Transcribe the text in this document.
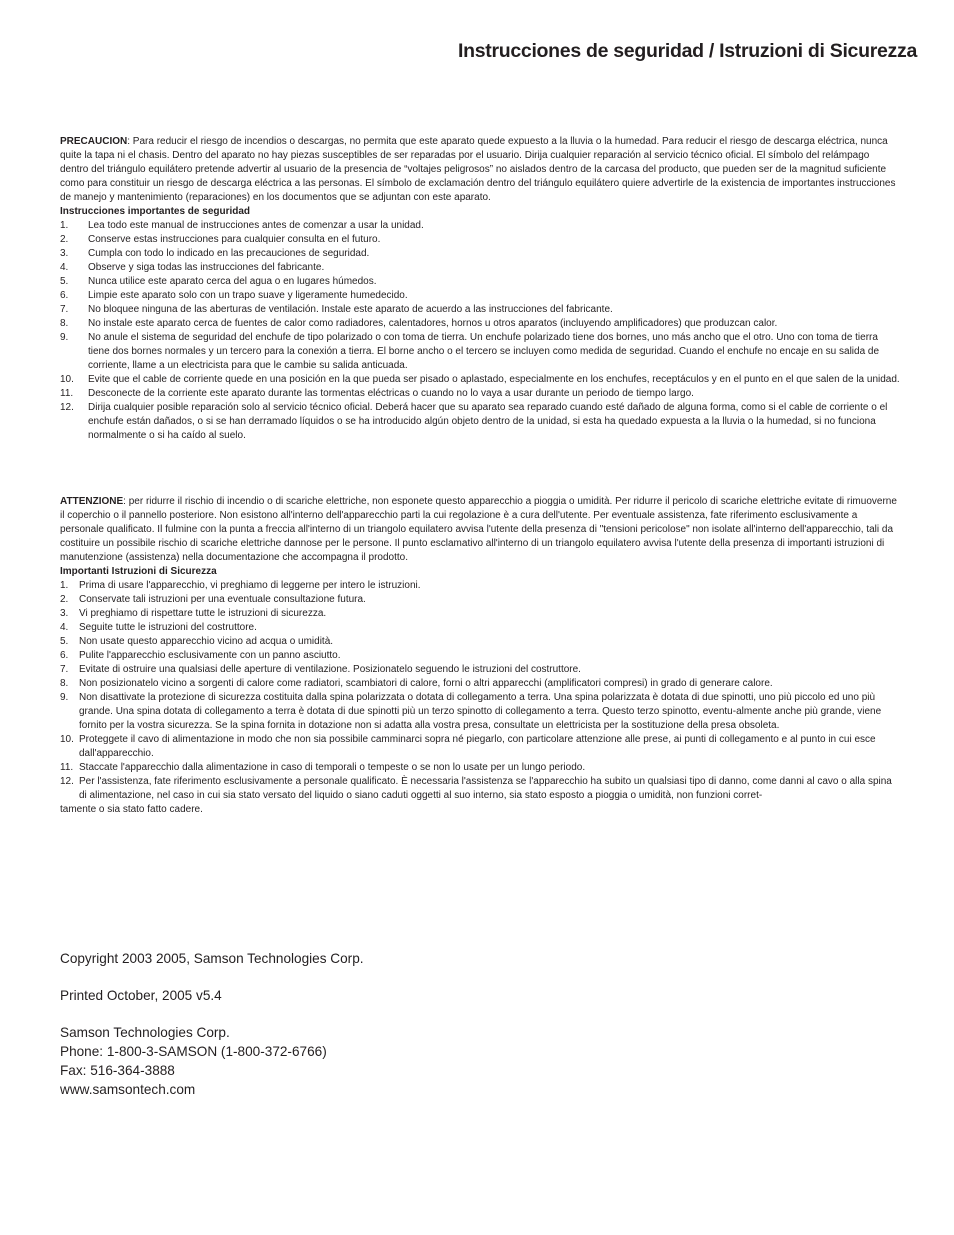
Instrucciones de seguridad / Istruzioni di Sicurezza

PRECAUCION: Para reducir el riesgo de incendios o descargas, no permita que este aparato quede expuesto a la lluvia o la humedad. Para reducir el riesgo de descarga eléctrica, nunca quite la tapa ni el chasis. Dentro del aparato no hay piezas susceptibles de ser reparadas por el usuario. Dirija cualquier reparación al servicio técnico oficial. El símbolo del relámpago dentro del triángulo equilátero pretende advertir al usuario de la presencia de “voltajes peligrosos” no aislados dentro de la carcasa del producto, que pueden ser de la magnitud suficiente como para constituir un riesgo de descarga eléctrica a las personas. El símbolo de exclamación dentro del triángulo equilátero quiere advertirle de la existencia de importantes instrucciones de manejo y mantenimiento (reparaciones) en los documentos que se adjuntan con este aparato.

Instrucciones importantes de seguridad

1.	Lea todo este manual de instrucciones antes de comenzar a usar la unidad.
2.	Conserve estas instrucciones para cualquier consulta en el futuro.
3.	Cumpla con todo lo indicado en las precauciones de seguridad.
4.	Observe y siga todas las instrucciones del fabricante.
5.	Nunca utilice este aparato cerca del agua o en lugares húmedos.
6.	Limpie este aparato solo con un trapo suave y ligeramente humedecido.
7.	No bloquee ninguna de las aberturas de ventilación. Instale este aparato de acuerdo a las instrucciones del fabricante.
8.	No instale este aparato cerca de fuentes de calor como radiadores, calentadores, hornos u otros aparatos (incluyendo amplificadores) que produzcan calor.
9.	No anule el sistema de seguridad del enchufe de tipo polarizado o con toma de tierra. Un enchufe polarizado tiene dos bornes, uno más ancho que el otro. Uno con toma de tierra tiene dos bornes normales y un tercero para la conexión a tierra. El borne ancho o el tercero se incluyen como medida de seguridad. Cuando el enchufe no encaje en su salida de corriente, llame a un electricista para que le cambie su salida anticuada.
10.	Evite que el cable de corriente quede en una posición en la que pueda ser pisado o aplastado, especialmente en los enchufes, receptáculos y en el punto en el que salen de la unidad.
11.	Desconecte de la corriente este aparato durante las tormentas eléctricas o cuando no lo vaya a usar durante un periodo de tiempo largo.
12.	Dirija cualquier posible reparación solo al servicio técnico oficial. Deberá hacer que su aparato sea reparado cuando esté dañado de alguna forma, como si el cable de corriente o el enchufe están dañados, o si se han derramado líquidos o se ha introducido algún objeto dentro de la unidad, si esta ha quedado expuesta a la lluvia o la humedad, si no funciona normalmente o si ha caído al suelo.

ATTENZIONE: per ridurre il rischio di incendio o di scariche elettriche, non esponete questo apparecchio a pioggia o umidità. Per ridurre il pericolo di scariche elettriche evitate di rimuoverne il coperchio o il pannello posteriore. Non esistono all'interno dell'apparecchio parti la cui regolazione è a cura dell'utente. Per eventuale assistenza, fate riferimento esclusivamente a personale qualificato. Il fulmine con la punta a freccia all'interno di un triangolo equilatero avvisa l'utente della presenza di "tensioni pericolose" non isolate all'interno dell'apparecchio, tali da costituire un possibile rischio di scariche elettriche dannose per le persone. Il punto esclamativo all'interno di un triangolo equilatero avvisa l'utente della presenza di importanti istruzioni di manutenzione (assistenza) nella documentazione che accompagna il prodotto.

Importanti Istruzioni di Sicurezza

1.	Prima di usare l'apparecchio, vi preghiamo di leggerne per intero le istruzioni.
2.	Conservate tali istruzioni per una eventuale consultazione futura.
3.	Vi preghiamo di rispettare tutte le istruzioni di sicurezza.
4.	Seguite tutte le istruzioni del costruttore.
5.	Non usate questo apparecchio vicino ad acqua o umidità.
6.	Pulite l'apparecchio esclusivamente con un panno asciutto.
7.	Evitate di ostruire una qualsiasi delle aperture di ventilazione. Posizionatelo seguendo le istruzioni del costruttore.
8.	Non posizionatelo vicino a sorgenti di calore come radiatori, scambiatori di calore, forni o altri apparecchi (amplificatori compresi) in grado di generare calore.
9.	Non disattivate la protezione di sicurezza costituita dalla spina polarizzata o dotata di collegamento a terra. Una spina polarizzata è dotata di due spinotti, uno più piccolo ed uno più grande. Una spina dotata di collegamento a terra è dotata di due spinotti più un terzo spinotto di collegamento a terra. Questo terzo spinotto, eventu-almente anche più grande, viene fornito per la vostra sicurezza. Se la spina fornita in dotazione non si adatta alla vostra presa, consultate un elettricista per la sostituzione della presa obsoleta.
10. Proteggete il cavo di alimentazione in modo che non sia possibile camminarci sopra né piegarlo, con particolare attenzione alle prese, ai punti di collegamento e al punto in cui esce dall'apparecchio.
11. Staccate l'apparecchio dalla alimentazione in caso di temporali o tempeste o se non lo usate per un lungo periodo.
12. Per l'assistenza, fate riferimento esclusivamente a personale qualificato. È necessaria l'assistenza se l'apparecchio ha subito un qualsiasi tipo di danno, come danni al cavo o alla spina di alimentazione, nel caso in cui sia stato versato del liquido o siano caduti oggetti al suo interno, sia stato esposto a pioggia o umidità, non funzioni corret-

tamente o sia stato fatto cadere.

Copyright 2003 2005, Samson Technologies Corp.

Printed October, 2005 v5.4

Samson Technologies Corp.

Phone: 1-800-3-SAMSON (1-800-372-6766)

Fax: 516-364-3888

www.samsontech.com
